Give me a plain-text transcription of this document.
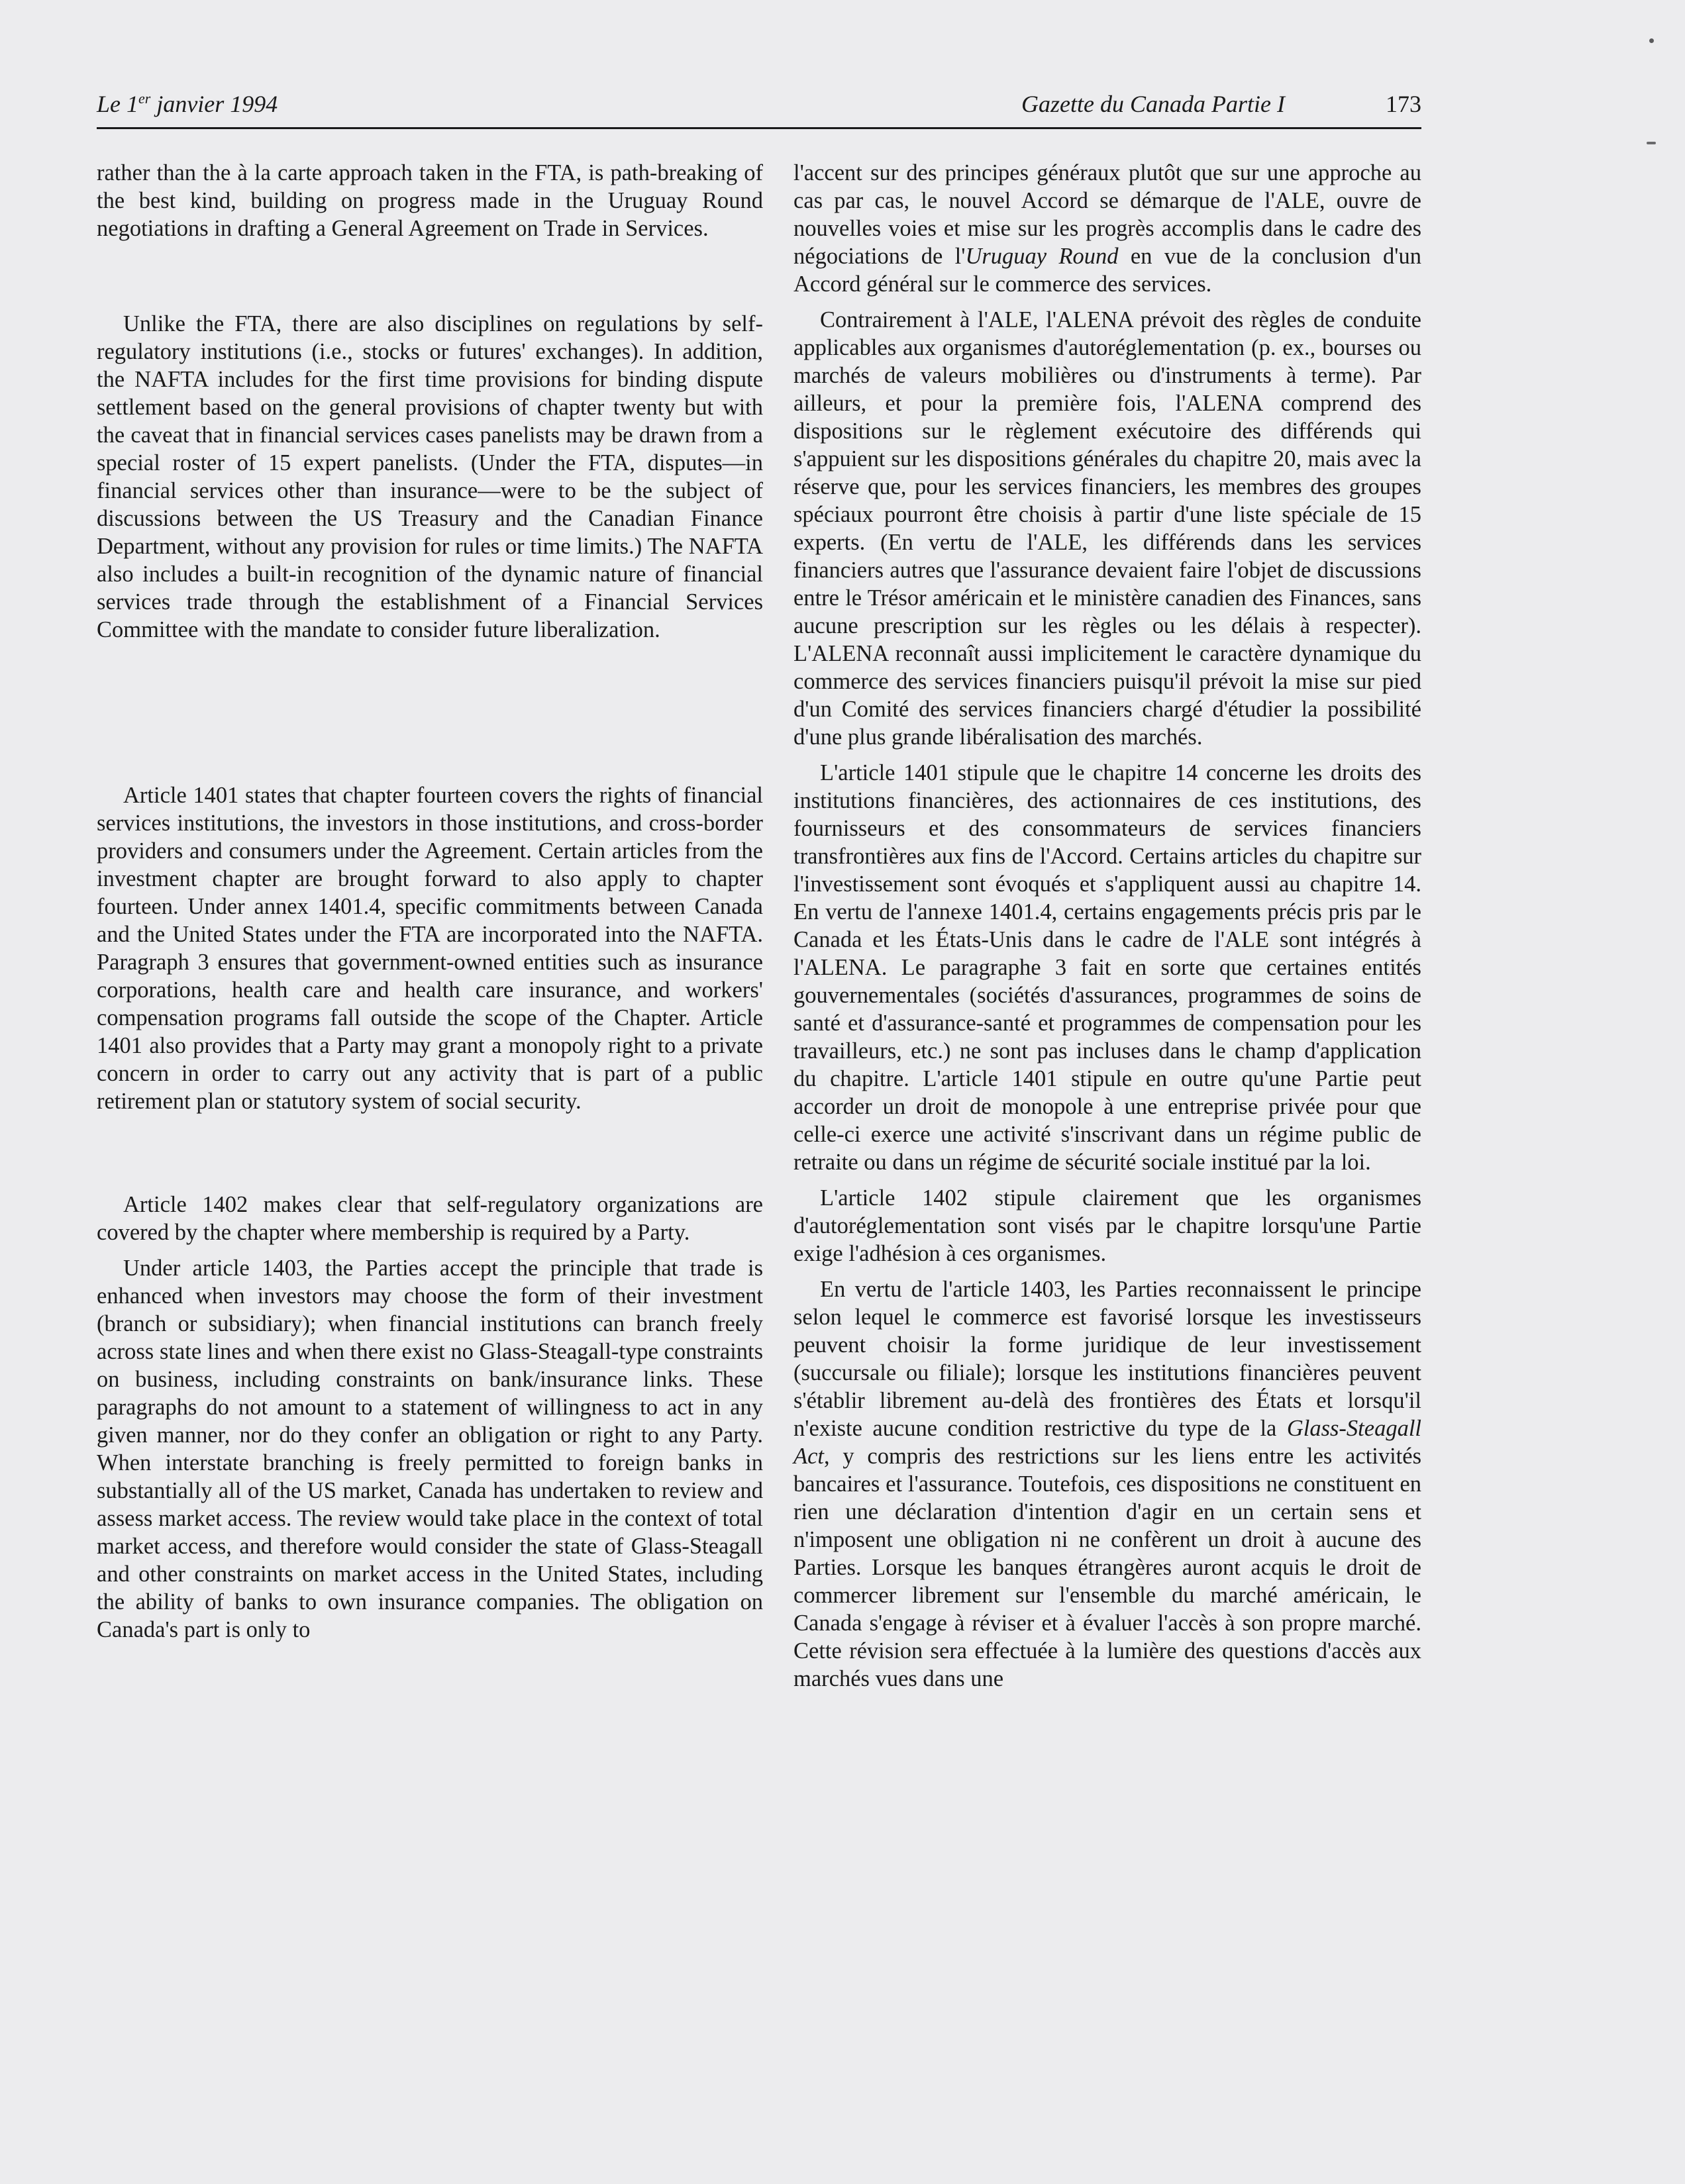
Le 1er janvier 1994	Gazette du Canada Partie I	173

rather than the à la carte approach taken in the FTA, is path-breaking of the best kind, building on progress made in the Uruguay Round negotiations in drafting a General Agreement on Trade in Services.

Unlike the FTA, there are also disciplines on regulations by self-regulatory institutions (i.e., stocks or futures' exchanges). In addition, the NAFTA includes for the first time provisions for binding dispute settlement based on the general provisions of chapter twenty but with the caveat that in financial services cases panelists may be drawn from a special roster of 15 expert panelists. (Under the FTA, disputes—in financial services other than insurance—were to be the subject of discussions between the US Treasury and the Canadian Finance Department, without any provision for rules or time limits.) The NAFTA also includes a built-in recognition of the dynamic nature of financial services trade through the establishment of a Financial Services Committee with the mandate to consider future liberalization.

Article 1401 states that chapter fourteen covers the rights of financial services institutions, the investors in those institutions, and cross-border providers and consumers under the Agreement. Certain articles from the investment chapter are brought forward to also apply to chapter fourteen. Under annex 1401.4, specific commitments between Canada and the United States under the FTA are incorporated into the NAFTA. Paragraph 3 ensures that government-owned entities such as insurance corporations, health care and health care insurance, and workers' compensation programs fall outside the scope of the Chapter. Article 1401 also provides that a Party may grant a monopoly right to a private concern in order to carry out any activity that is part of a public retirement plan or statutory system of social security.

Article 1402 makes clear that self-regulatory organizations are covered by the chapter where membership is required by a Party.

Under article 1403, the Parties accept the principle that trade is enhanced when investors may choose the form of their investment (branch or subsidiary); when financial institutions can branch freely across state lines and when there exist no Glass-Steagall-type constraints on business, including constraints on bank/insurance links. These paragraphs do not amount to a statement of willingness to act in any given manner, nor do they confer an obligation or right to any Party. When interstate branching is freely permitted to foreign banks in substantially all of the US market, Canada has undertaken to review and assess market access. The review would take place in the context of total market access, and therefore would consider the state of Glass-Steagall and other constraints on market access in the United States, including the ability of banks to own insurance companies. The obligation on Canada's part is only to

l'accent sur des principes généraux plutôt que sur une approche au cas par cas, le nouvel Accord se démarque de l'ALE, ouvre de nouvelles voies et mise sur les progrès accomplis dans le cadre des négociations de l'Uruguay Round en vue de la conclusion d'un Accord général sur le commerce des services.

Contrairement à l'ALE, l'ALENA prévoit des règles de conduite applicables aux organismes d'autoréglementation (p. ex., bourses ou marchés de valeurs mobilières ou d'instruments à terme). Par ailleurs, et pour la première fois, l'ALENA comprend des dispositions sur le règlement exécutoire des différends qui s'appuient sur les dispositions générales du chapitre 20, mais avec la réserve que, pour les services financiers, les membres des groupes spéciaux pourront être choisis à partir d'une liste spéciale de 15 experts. (En vertu de l'ALE, les différends dans les services financiers autres que l'assurance devaient faire l'objet de discussions entre le Trésor américain et le ministère canadien des Finances, sans aucune prescription sur les règles ou les délais à respecter). L'ALENA reconnaît aussi implicitement le caractère dynamique du commerce des services financiers puisqu'il prévoit la mise sur pied d'un Comité des services financiers chargé d'étudier la possibilité d'une plus grande libéralisation des marchés.

L'article 1401 stipule que le chapitre 14 concerne les droits des institutions financières, des actionnaires de ces institutions, des fournisseurs et des consommateurs de services financiers transfrontières aux fins de l'Accord. Certains articles du chapitre sur l'investissement sont évoqués et s'appliquent aussi au chapitre 14. En vertu de l'annexe 1401.4, certains engagements précis pris par le Canada et les États-Unis dans le cadre de l'ALE sont intégrés à l'ALENA. Le paragraphe 3 fait en sorte que certaines entités gouvernementales (sociétés d'assurances, programmes de soins de santé et d'assurance-santé et programmes de compensation pour les travailleurs, etc.) ne sont pas incluses dans le champ d'application du chapitre. L'article 1401 stipule en outre qu'une Partie peut accorder un droit de monopole à une entreprise privée pour que celle-ci exerce une activité s'inscrivant dans un régime public de retraite ou dans un régime de sécurité sociale institué par la loi.

L'article 1402 stipule clairement que les organismes d'autoréglementation sont visés par le chapitre lorsqu'une Partie exige l'adhésion à ces organismes.

En vertu de l'article 1403, les Parties reconnaissent le principe selon lequel le commerce est favorisé lorsque les investisseurs peuvent choisir la forme juridique de leur investissement (succursale ou filiale); lorsque les institutions financières peuvent s'établir librement au-delà des frontières des États et lorsqu'il n'existe aucune condition restrictive du type de la Glass-Steagall Act, y compris des restrictions sur les liens entre les activités bancaires et l'assurance. Toutefois, ces dispositions ne constituent en rien une déclaration d'intention d'agir en un certain sens et n'imposent une obligation ni ne confèrent un droit à aucune des Parties. Lorsque les banques étrangères auront acquis le droit de commercer librement sur l'ensemble du marché américain, le Canada s'engage à réviser et à évaluer l'accès à son propre marché. Cette révision sera effectuée à la lumière des questions d'accès aux marchés vues dans une
